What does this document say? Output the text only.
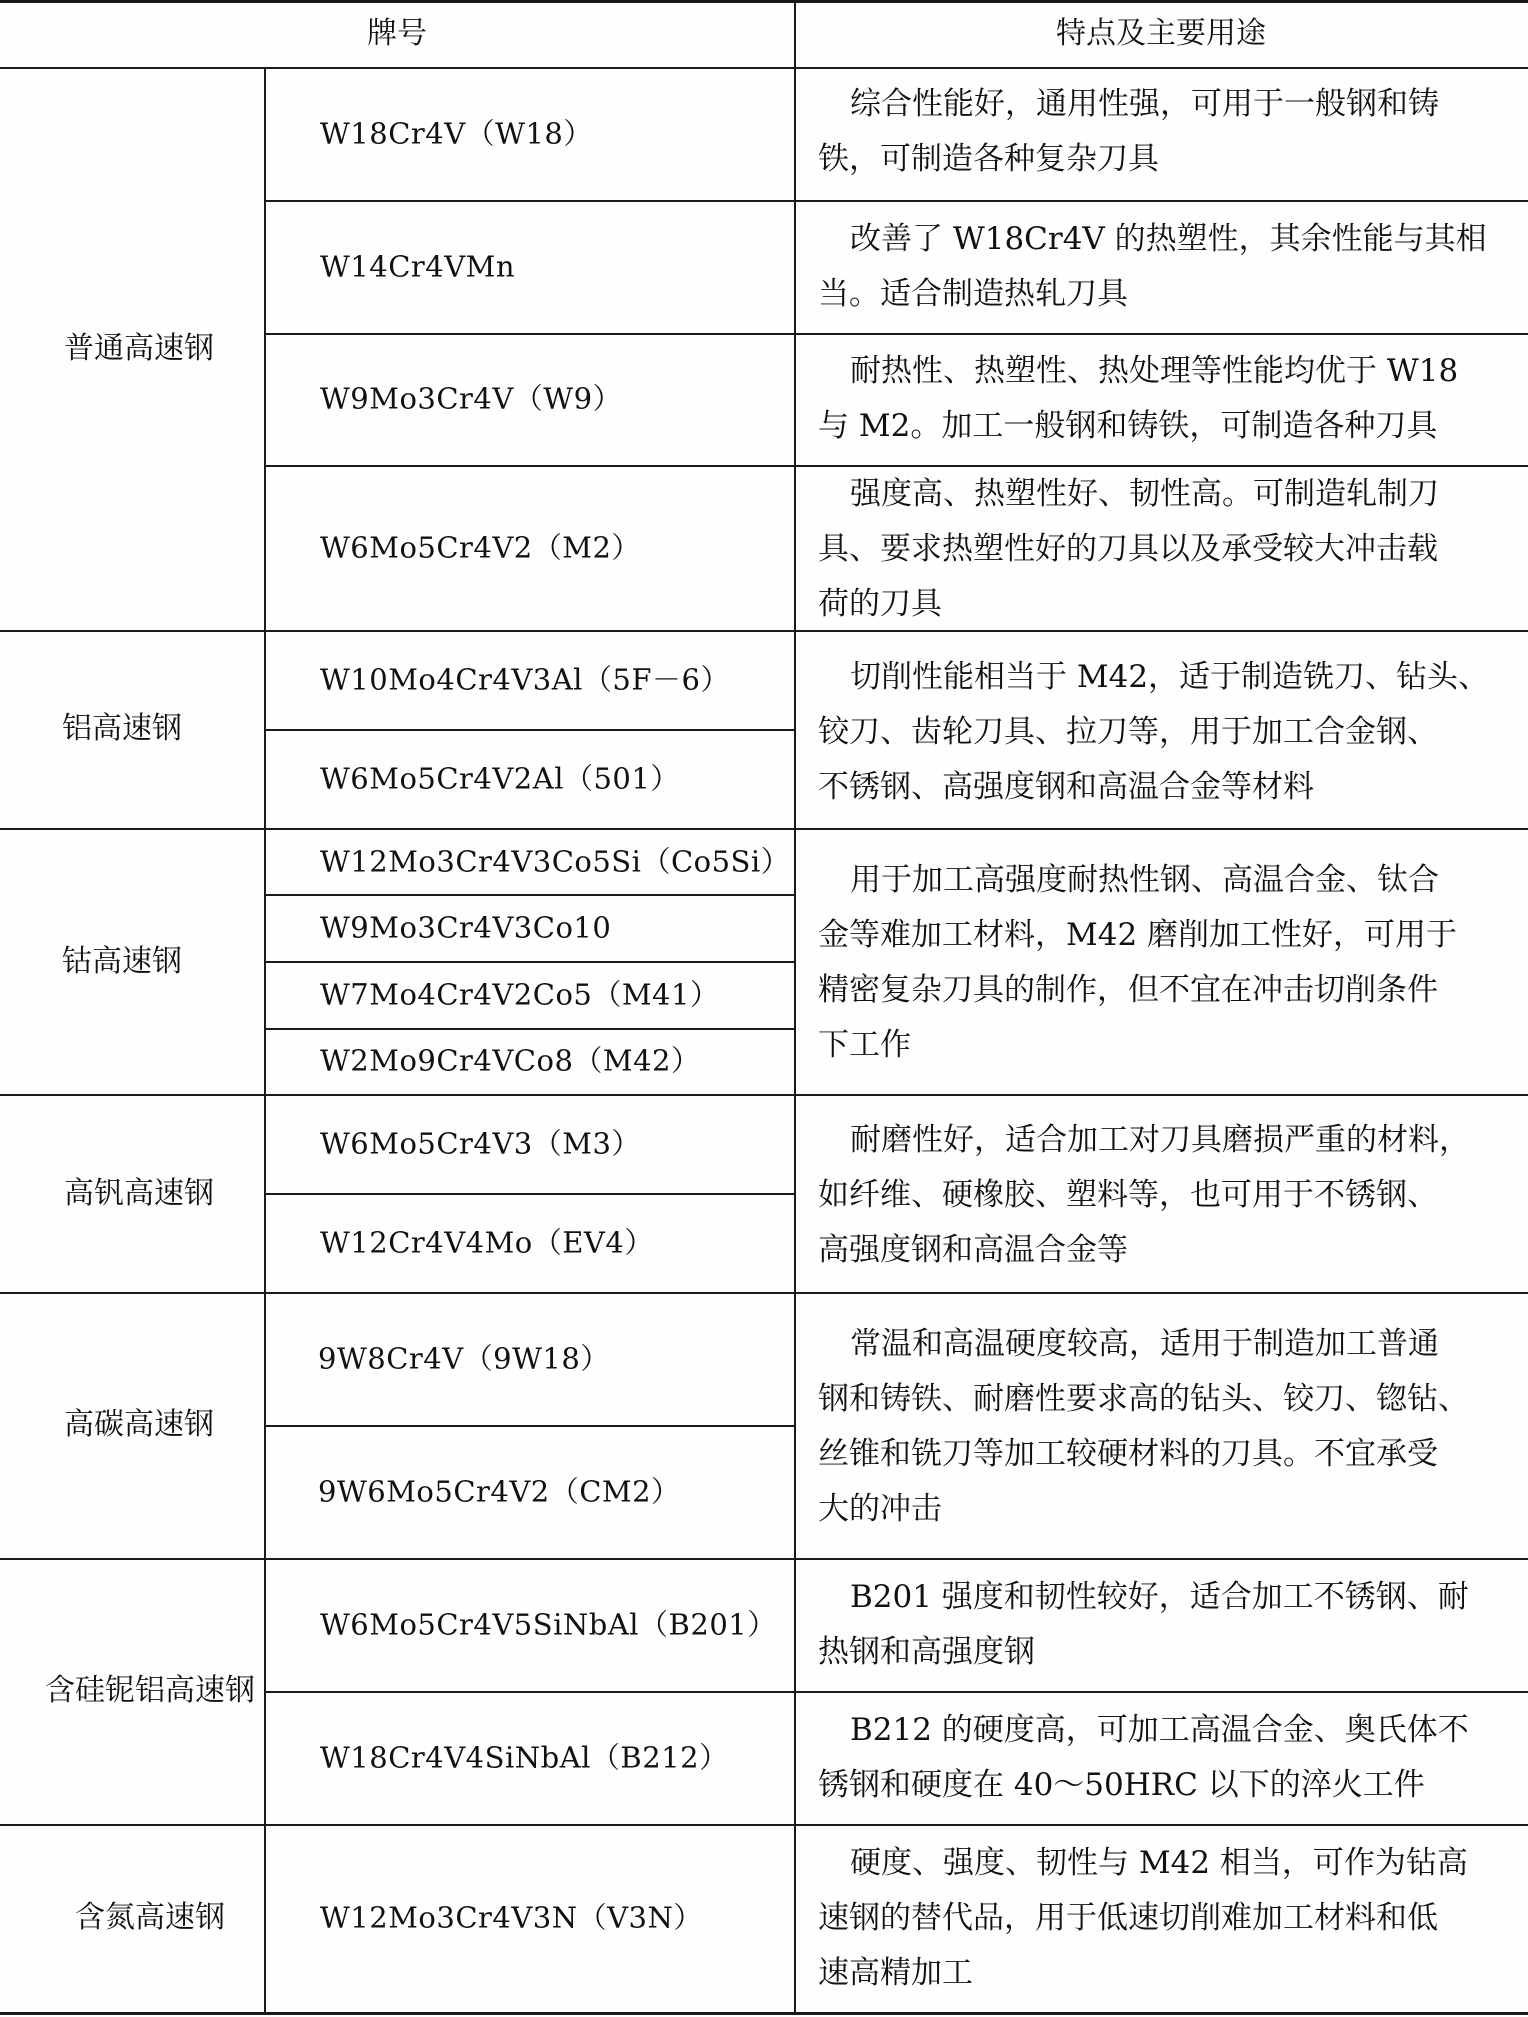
牌号	特点及主要用途
普通高速钢
W18Cr4V（W18）
W14Cr4VMn
W9Mo3Cr4V（W9）
W6Mo5Cr4V2（M2）
综合性能好，通用性强，可用于一般钢和铸
铁，可制造各种复杂刀具
改善了 W18Cr4V 的热塑性，其余性能与其相
当。适合制造热轧刀具
耐热性、热塑性、热处理等性能均优于 W18
与 M2。加工一般钢和铸铁，可制造各种刀具
强度高、热塑性好、韧性高。可制造轧制刀
具、要求热塑性好的刀具以及承受较大冲击载
荷的刀具
铝高速钢
W10Mo4Cr4V3Al（5F－6）
W6Mo5Cr4V2Al（501）
切削性能相当于 M42，适于制造铣刀、钻头、
铰刀、齿轮刀具、拉刀等，用于加工合金钢、
不锈钢、高强度钢和高温合金等材料
钴高速钢
W12Mo3Cr4V3Co5Si（Co5Si）
W9Mo3Cr4V3Co10
W7Mo4Cr4V2Co5（M41）
W2Mo9Cr4VCo8（M42）
用于加工高强度耐热性钢、高温合金、钛合
金等难加工材料，M42 磨削加工性好，可用于
精密复杂刀具的制作，但不宜在冲击切削条件
下工作
高钒高速钢
W6Mo5Cr4V3（M3）
W12Cr4V4Mo（EV4）
耐磨性好，适合加工对刀具磨损严重的材料，
如纤维、硬橡胶、塑料等，也可用于不锈钢、
高强度钢和高温合金等
高碳高速钢
9W8Cr4V（9W18）
9W6Mo5Cr4V2（CM2）
常温和高温硬度较高，适用于制造加工普通
钢和铸铁、耐磨性要求高的钻头、铰刀、锪钻、
丝锥和铣刀等加工较硬材料的刀具。不宜承受
大的冲击
含硅铌铝高速钢
W6Mo5Cr4V5SiNbAl（B201）
W18Cr4V4SiNbAl（B212）
B201 强度和韧性较好，适合加工不锈钢、耐
热钢和高强度钢
B212 的硬度高，可加工高温合金、奥氏体不
锈钢和硬度在 40～50HRC 以下的淬火工件
含氮高速钢	W12Mo3Cr4V3N（V3N）
硬度、强度、韧性与 M42 相当，可作为钻高
速钢的替代品，用于低速切削难加工材料和低
速高精加工
